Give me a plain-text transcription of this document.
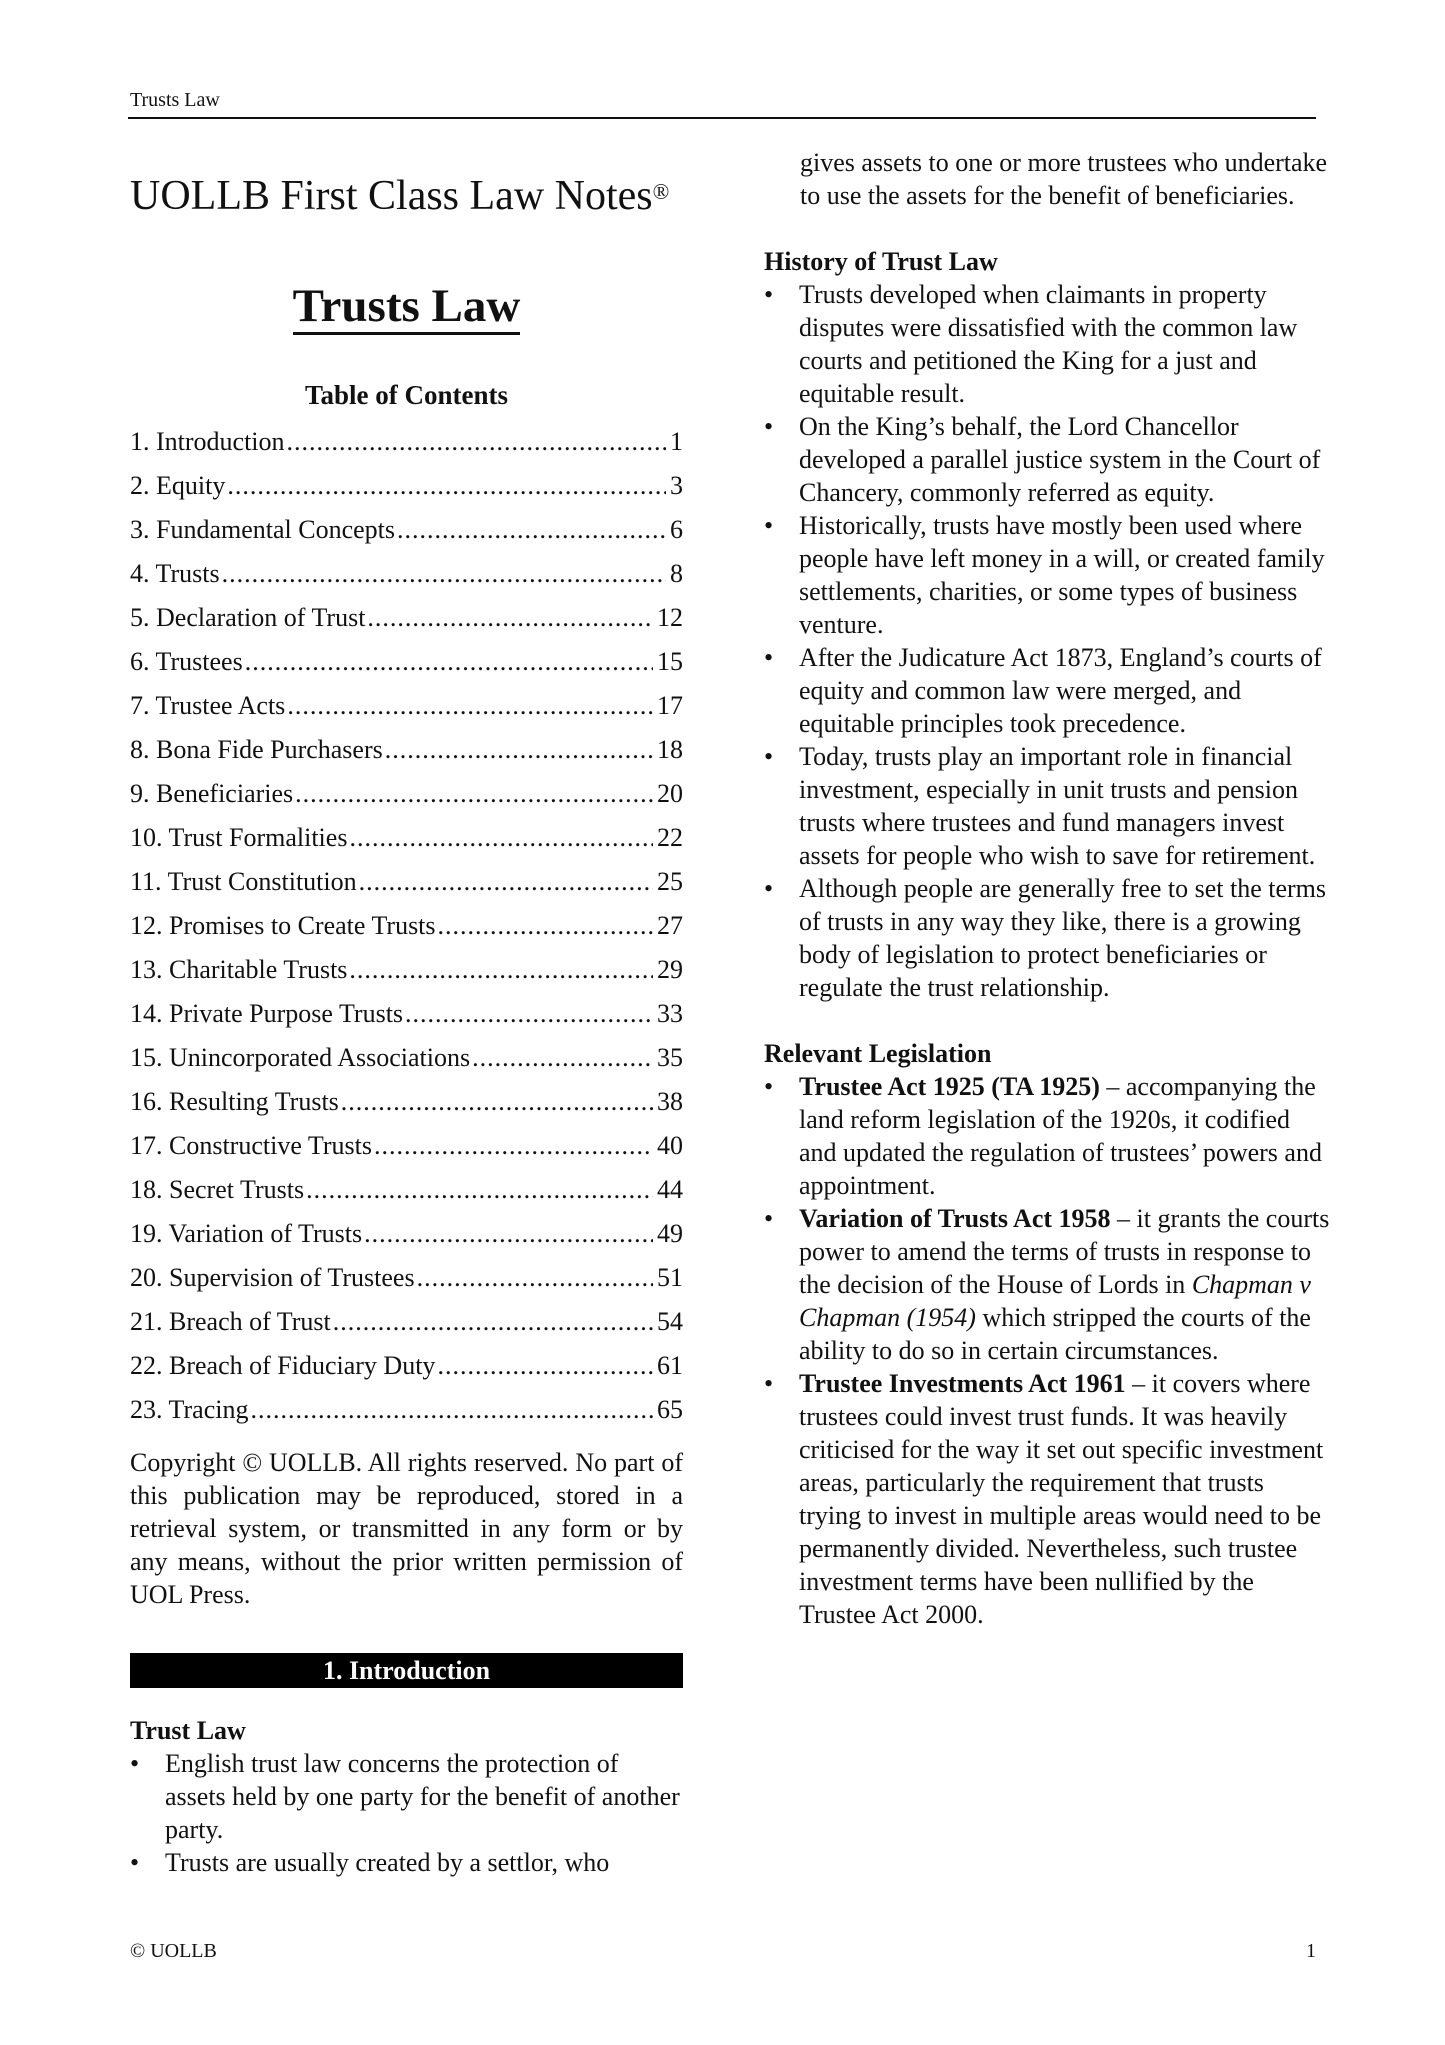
Trusts Law
UOLLB First Class Law Notes®
Trusts Law
Table of Contents
1. Introduction .....	1
2. Equity .....	3
3. Fundamental Concepts .....	6
4. Trusts .....	8
5. Declaration of Trust .....	12
6. Trustees .....	15
7. Trustee Acts .....	17
8. Bona Fide Purchasers .....	18
9. Beneficiaries .....	20
10. Trust Formalities .....	22
11. Trust Constitution .....	25
12. Promises to Create Trusts .....	27
13. Charitable Trusts .....	29
14. Private Purpose Trusts .....	33
15. Unincorporated Associations .....	35
16. Resulting Trusts .....	38
17. Constructive Trusts .....	40
18. Secret Trusts .....	44
19. Variation of Trusts .....	49
20. Supervision of Trustees .....	51
21. Breach of Trust .....	54
22. Breach of Fiduciary Duty .....	61
23. Tracing .....	65

Copyright © UOLLB. All rights reserved. No part of this publication may be reproduced, stored in a retrieval system, or transmitted in any form or by any means, without the prior written permission of UOL Press.

1. Introduction
Trust Law
• English trust law concerns the protection of assets held by one party for the benefit of another party.
• Trusts are usually created by a settlor, who

gives assets to one or more trustees who undertake to use the assets for the benefit of beneficiaries.

History of Trust Law
• Trusts developed when claimants in property disputes were dissatisfied with the common law courts and petitioned the King for a just and equitable result.
• On the King’s behalf, the Lord Chancellor developed a parallel justice system in the Court of Chancery, commonly referred as equity.
• Historically, trusts have mostly been used where people have left money in a will, or created family settlements, charities, or some types of business venture.
• After the Judicature Act 1873, England’s courts of equity and common law were merged, and equitable principles took precedence.
• Today, trusts play an important role in financial investment, especially in unit trusts and pension trusts where trustees and fund managers invest assets for people who wish to save for retirement.
• Although people are generally free to set the terms of trusts in any way they like, there is a growing body of legislation to protect beneficiaries or regulate the trust relationship.
Relevant Legislation
• Trustee Act 1925 (TA 1925) – accompanying the land reform legislation of the 1920s, it codified and updated the regulation of trustees’ powers and appointment.
• Variation of Trusts Act 1958 – it grants the courts power to amend the terms of trusts in response to the decision of the House of Lords in Chapman v Chapman (1954) which stripped the courts of the ability to do so in certain circumstances.
• Trustee Investments Act 1961 – it covers where trustees could invest trust funds. It was heavily criticised for the way it set out specific investment areas, particularly the requirement that trusts trying to invest in multiple areas would need to be permanently divided. Nevertheless, such trustee investment terms have been nullified by the Trustee Act 2000.
© UOLLB	1
